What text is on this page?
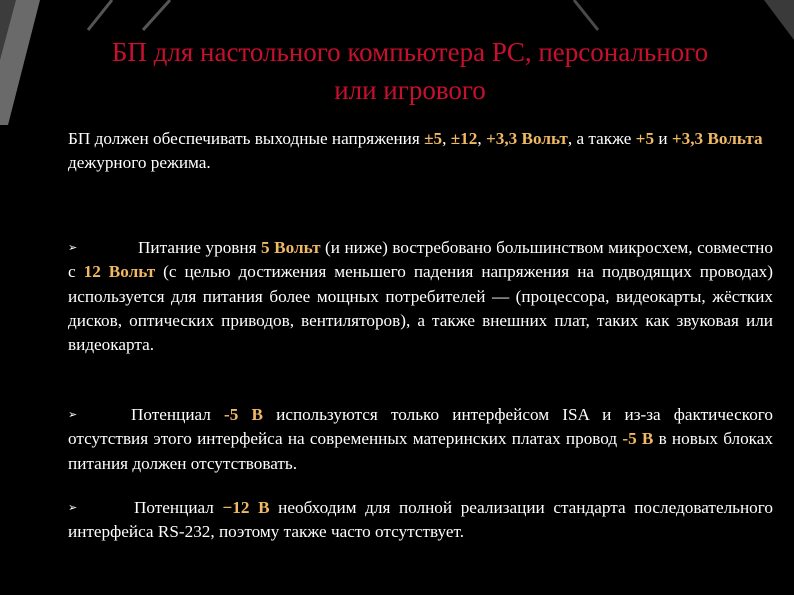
БП для настольного компьютера PC, персонального
или игрового
БП должен обеспечивать выходные напряжения ±5, ±12, +3,3 Вольт, а также +5 и +3,3 Вольта дежурного режима.
➢	Питание уровня 5 Вольт (и ниже) востребовано большинством микросхем, совместно с 12 Вольт (с целью достижения меньшего падения напряжения на подводящих проводах) используется для питания более мощных потребителей — (процессора, видеокарты, жёстких дисков, оптических приводов, вентиляторов), а также внешних плат, таких как звуковая или видеокарта.
➢	Потенциал -5 В используются только интерфейсом ISA и из-за фактического отсутствия этого интерфейса на современных материнских платах провод -5 В в новых блоках питания должен отсутствовать.
➢	Потенциал −12 В необходим для полной реализации стандарта последовательного интерфейса RS-232, поэтому также часто отсутствует.
